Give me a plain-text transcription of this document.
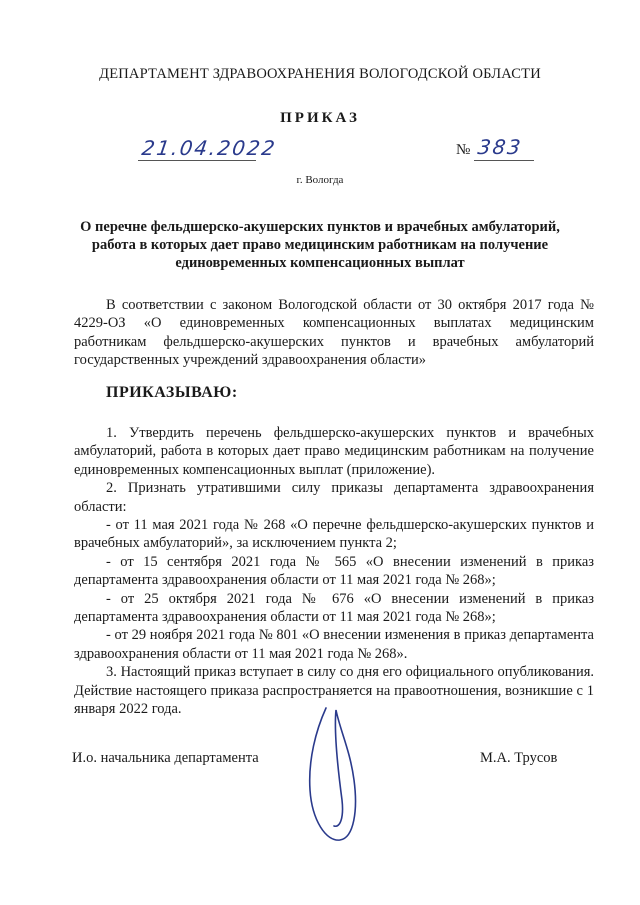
ДЕПАРТАМЕНТ ЗДРАВООХРАНЕНИЯ ВОЛОГОДСКОЙ ОБЛАСТИ
ПРИКАЗ
21.04.2022	№ 383
г. Вологда
О перечне фельдшерско-акушерских пунктов и врачебных амбулаторий, работа в которых дает право медицинским работникам на получение единовременных компенсационных выплат

В соответствии с законом Вологодской области от 30 октября 2017 года № 4229-ОЗ «О единовременных компенсационных выплатах медицинским работникам фельдшерско-акушерских пунктов и врачебных амбулаторий государственных учреждений здравоохранения области»

ПРИКАЗЫВАЮ:

1. Утвердить перечень фельдшерско-акушерских пунктов и врачебных амбулаторий, работа в которых дает право медицинским работникам на получение единовременных компенсационных выплат (приложение).

2. Признать утратившими силу приказы департамента здравоохранения области:

- от 11 мая 2021 года № 268 «О перечне фельдшерско-акушерских пунктов и врачебных амбулаторий», за исключением пункта 2;

- от 15 сентября 2021 года № 565 «О внесении изменений в приказ департамента здравоохранения области от 11 мая 2021 года № 268»;

- от 25 октября 2021 года № 676 «О внесении изменений в приказ департамента здравоохранения области от 11 мая 2021 года № 268»;

- от 29 ноября 2021 года № 801 «О внесении изменения в приказ департамента здравоохранения области от 11 мая 2021 года № 268».

3. Настоящий приказ вступает в силу со дня его официального опубликования. Действие настоящего приказа распространяется на правоотношения, возникшие с 1 января 2022 года.

И.о. начальника департамента	М.А. Трусов
